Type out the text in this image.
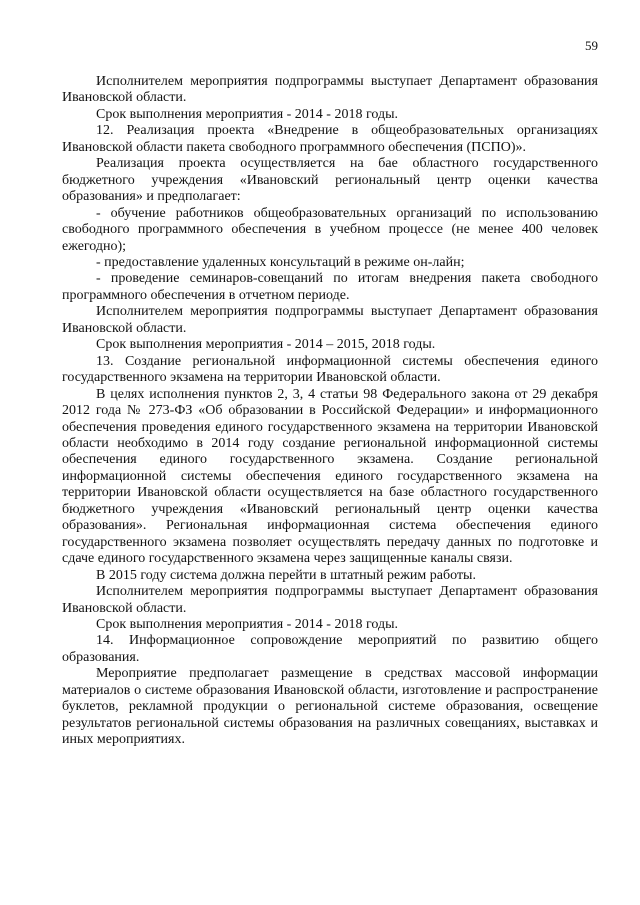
59

Исполнителем мероприятия подпрограммы выступает Департамент образования Ивановской области.

Срок выполнения мероприятия - 2014 - 2018 годы.

12. Реализация проекта «Внедрение в общеобразовательных организациях Ивановской области пакета свободного программного обеспечения (ПСПО)».

Реализация проекта осуществляется на бае областного государственного бюджетного учреждения «Ивановский региональный центр оценки качества образования» и предполагает:

- обучение работников общеобразовательных организаций по использованию свободного программного обеспечения в учебном процессе (не менее 400 человек ежегодно);

- предоставление удаленных консультаций в режиме он-лайн;

- проведение семинаров-совещаний по итогам внедрения пакета свободного программного обеспечения в отчетном периоде.

Исполнителем мероприятия подпрограммы выступает Департамент образования Ивановской области.

Срок выполнения мероприятия - 2014 – 2015, 2018 годы.

13. Создание региональной информационной системы обеспечения единого государственного экзамена на территории Ивановской области.

В целях исполнения пунктов 2, 3, 4 статьи 98 Федерального закона от 29 декабря 2012 года № 273-ФЗ «Об образовании в Российской Федерации» и информационного обеспечения проведения единого государственного экзамена на территории Ивановской области необходимо в 2014 году создание региональной информационной системы обеспечения единого государственного экзамена. Создание региональной информационной системы обеспечения единого государственного экзамена на территории Ивановской области осуществляется на базе областного государственного бюджетного учреждения «Ивановский региональный центр оценки качества образования». Региональная информационная система обеспечения единого государственного экзамена позволяет осуществлять передачу данных по подготовке и сдаче единого государственного экзамена через защищенные каналы связи.

В 2015 году система должна перейти в штатный режим работы.

Исполнителем мероприятия подпрограммы выступает Департамент образования Ивановской области.

Срок выполнения мероприятия - 2014 - 2018 годы.

14. Информационное сопровождение мероприятий по развитию общего образования.

Мероприятие предполагает размещение в средствах массовой информации материалов о системе образования Ивановской области, изготовление и распространение буклетов, рекламной продукции о региональной системе образования, освещение результатов региональной системы образования на различных совещаниях, выставках и иных мероприятиях.
